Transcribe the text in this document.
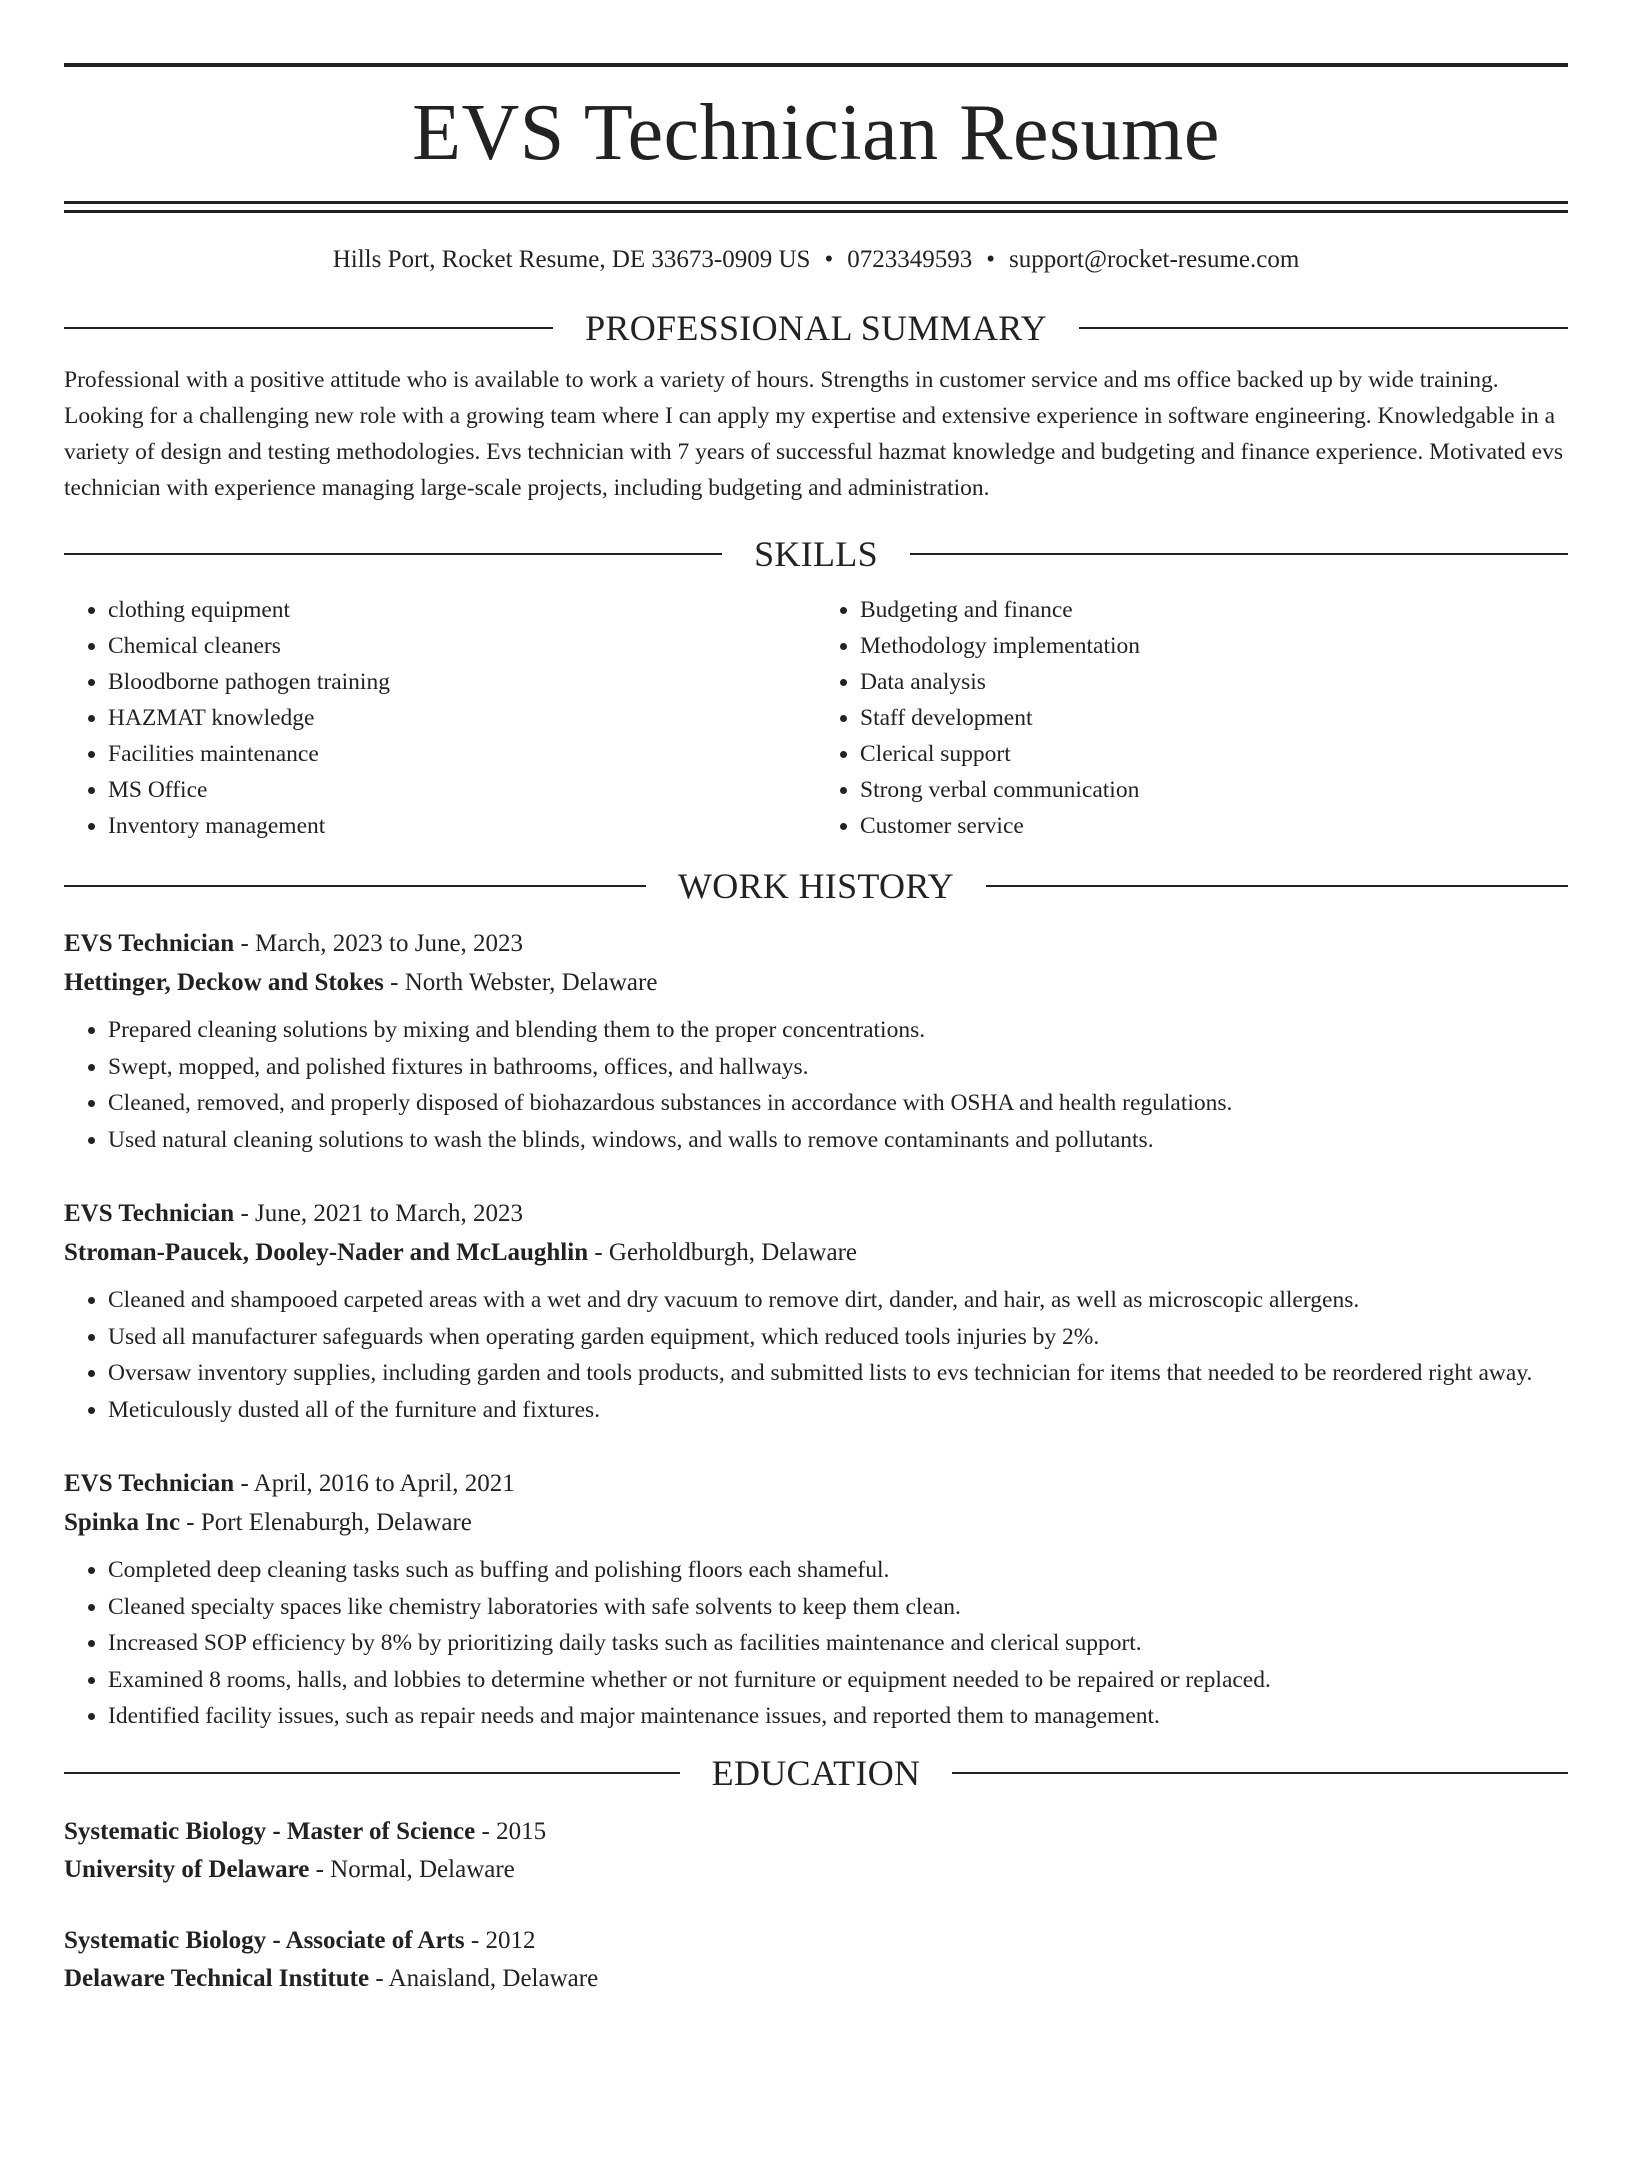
EVS Technician Resume
Hills Port, Rocket Resume, DE 33673-0909 US • 0723349593 • support@rocket-resume.com
PROFESSIONAL SUMMARY
Professional with a positive attitude who is available to work a variety of hours. Strengths in customer service and ms office backed up by wide training. Looking for a challenging new role with a growing team where I can apply my expertise and extensive experience in software engineering. Knowledgable in a variety of design and testing methodologies. Evs technician with 7 years of successful hazmat knowledge and budgeting and finance experience. Motivated evs technician with experience managing large-scale projects, including budgeting and administration.
SKILLS
• clothing equipment
• Chemical cleaners
• Bloodborne pathogen training
• HAZMAT knowledge
• Facilities maintenance
• MS Office
• Inventory management
• Budgeting and finance
• Methodology implementation
• Data analysis
• Staff development
• Clerical support
• Strong verbal communication
• Customer service
WORK HISTORY
EVS Technician - March, 2023 to June, 2023
Hettinger, Deckow and Stokes - North Webster, Delaware
• Prepared cleaning solutions by mixing and blending them to the proper concentrations.
• Swept, mopped, and polished fixtures in bathrooms, offices, and hallways.
• Cleaned, removed, and properly disposed of biohazardous substances in accordance with OSHA and health regulations.
• Used natural cleaning solutions to wash the blinds, windows, and walls to remove contaminants and pollutants.
EVS Technician - June, 2021 to March, 2023
Stroman-Paucek, Dooley-Nader and McLaughlin - Gerholdburgh, Delaware
• Cleaned and shampooed carpeted areas with a wet and dry vacuum to remove dirt, dander, and hair, as well as microscopic allergens.
• Used all manufacturer safeguards when operating garden equipment, which reduced tools injuries by 2%.
• Oversaw inventory supplies, including garden and tools products, and submitted lists to evs technician for items that needed to be reordered right away.
• Meticulously dusted all of the furniture and fixtures.
EVS Technician - April, 2016 to April, 2021
Spinka Inc - Port Elenaburgh, Delaware
• Completed deep cleaning tasks such as buffing and polishing floors each shameful.
• Cleaned specialty spaces like chemistry laboratories with safe solvents to keep them clean.
• Increased SOP efficiency by 8% by prioritizing daily tasks such as facilities maintenance and clerical support.
• Examined 8 rooms, halls, and lobbies to determine whether or not furniture or equipment needed to be repaired or replaced.
• Identified facility issues, such as repair needs and major maintenance issues, and reported them to management.
EDUCATION
Systematic Biology - Master of Science - 2015
University of Delaware - Normal, Delaware
Systematic Biology - Associate of Arts - 2012
Delaware Technical Institute - Anaisland, Delaware
